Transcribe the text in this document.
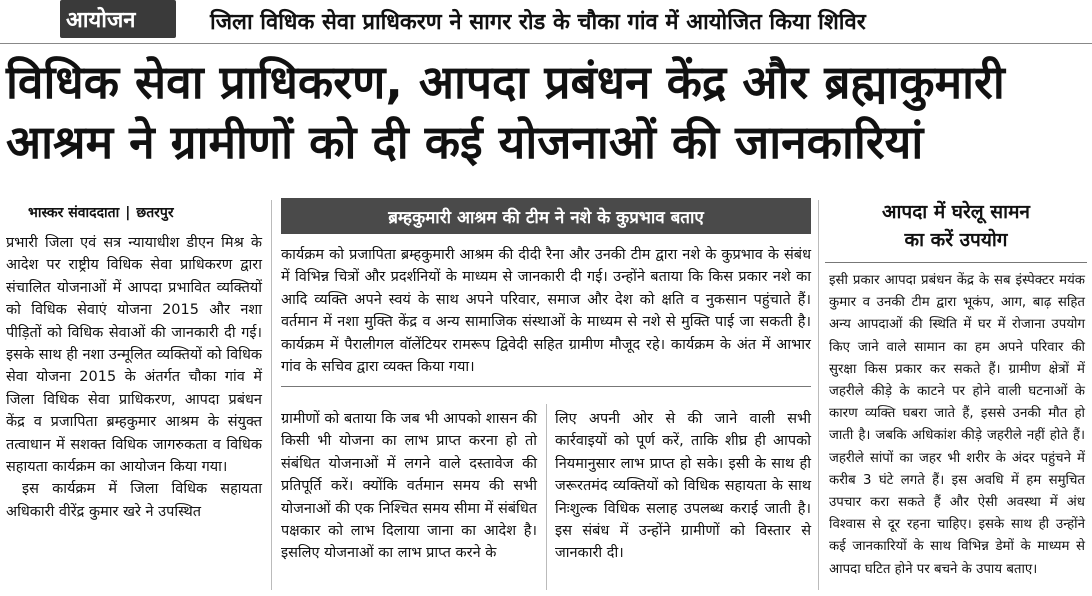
आयोजन	जिला विधिक सेवा प्राधिकरण ने सागर रोड के चौका गांव में आयोजित किया शिविर
विधिक सेवा प्राधिकरण, आपदा प्रबंधन केंद्र और ब्रह्माकुमारी
आश्रम ने ग्रामीणों को दी कई योजनाओं की जानकारियां
भास्कर संवाददाता | छतरपुर

प्रभारी जिला एवं सत्र न्यायाधीश डीएन मिश्र के आदेश पर राष्ट्रीय विधिक सेवा प्राधिकरण द्वारा संचालित योजनाओं में आपदा प्रभावित व्यक्तियों को विधिक सेवाएं योजना 2015 और नशा पीड़ितों को विधिक सेवाओं की जानकारी दी गई। इसके साथ ही नशा उन्मूलित व्यक्तियों को विधिक सेवा योजना 2015 के अंतर्गत चौका गांव में जिला विधिक सेवा प्राधिकरण, आपदा प्रबंधन केंद्र व प्रजापिता ब्रम्हकुमार आश्रम के संयुक्त तत्वाधान में सशक्त विधिक जागरुकता व विधिक सहायता कार्यक्रम का आयोजन किया गया।

इस कार्यक्रम में जिला विधिक सहायता अधिकारी वीरेंद्र कुमार खरे ने उपस्थित

ब्रम्हकुमारी आश्रम की टीम ने नशे के कुप्रभाव बताए
कार्यक्रम को प्रजापिता ब्रम्हकुमारी आश्रम की दीदी रैना और उनकी टीम द्वारा नशे के कुप्रभाव के संबंध में विभिन्न चित्रों और प्रदर्शनियों के माध्यम से जानकारी दी गई। उन्होंने बताया कि किस प्रकार नशे का आदि व्यक्ति अपने स्वयं के साथ अपने परिवार, समाज और देश को क्षति व नुकसान पहुंचाते हैं। वर्तमान में नशा मुक्ति केंद्र व अन्य सामाजिक संस्थाओं के माध्यम से नशे से मुक्ति पाई जा सकती है। कार्यक्रम में पैरालीगल वॉलेंटियर रामरूप द्विवेदी सहित ग्रामीण मौजूद रहे। कार्यक्रम के अंत में आभार गांव के सचिव द्वारा व्यक्त किया गया।
ग्रामीणों को बताया कि जब भी आपको शासन की किसी भी योजना का लाभ प्राप्त करना हो तो संबंधित योजनाओं में लगने वाले दस्तावेज की प्रतिपूर्ति करें। क्योंकि वर्तमान समय की सभी योजनाओं की एक निश्चित समय सीमा में संबंधित पक्षकार को लाभ दिलाया जाना का आदेश है। इसलिए योजनाओं का लाभ प्राप्त करने के
लिए अपनी ओर से की जाने वाली सभी कार्रवाइयों को पूर्ण करें, ताकि शीघ्र ही आपको नियमानुसार लाभ प्राप्त हो सके। इसी के साथ ही जरूरतमंद व्यक्तियों को विधिक सहायता के साथ निःशुल्क विधिक सलाह उपलब्ध कराई जाती है। इस संबंध में उन्होंने ग्रामीणों को विस्तार से जानकारी दी।
आपदा में घरेलू सामन
का करें उपयोग
इसी प्रकार आपदा प्रबंधन केंद्र के सब इंस्पेक्टर मयंक कुमार व उनकी टीम द्वारा भूकंप, आग, बाढ़ सहित अन्य आपदाओं की स्थिति में घर में रोजाना उपयोग किए जाने वाले सामान का हम अपने परिवार की सुरक्षा किस प्रकार कर सकते हैं। ग्रामीण क्षेत्रों में जहरीले कीड़े के काटने पर होने वाली घटनाओं के कारण व्यक्ति घबरा जाते हैं, इससे उनकी मौत हो जाती है। जबकि अधिकांश कीड़े जहरीले नहीं होते हैं। जहरीले सांपों का जहर भी शरीर के अंदर पहुंचने में करीब 3 घंटे लगते हैं। इस अवधि में हम समुचित उपचार करा सकते हैं और ऐसी अवस्था में अंध विश्वास से दूर रहना चाहिए। इसके साथ ही उन्होंने कई जानकारियों के साथ विभिन्न डेमों के माध्यम से आपदा घटित होने पर बचने के उपाय बताए।
